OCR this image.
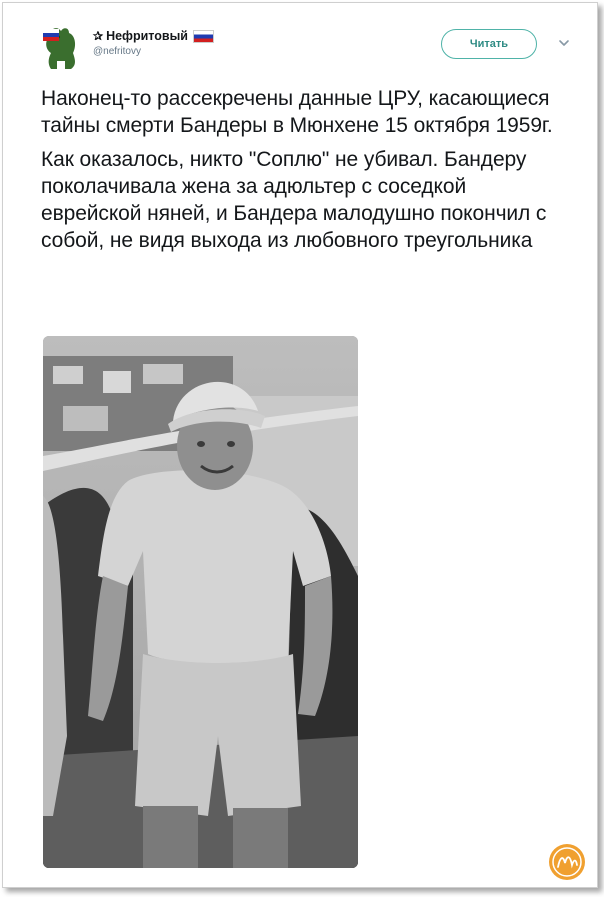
✰ Нефритовый
@nefritovy
Читать

Наконец-то рассекречены данные ЦРУ, касающиеся тайны смерти Бандеры в Мюнхене 15 октября 1959г.

Как оказалось, никто "Соплю" не убивал. Бандеру поколачивала жена за адюльтер с соседкой еврейской няней, и Бандера малодушно покончил с собой, не видя выхода из любовного треугольника
